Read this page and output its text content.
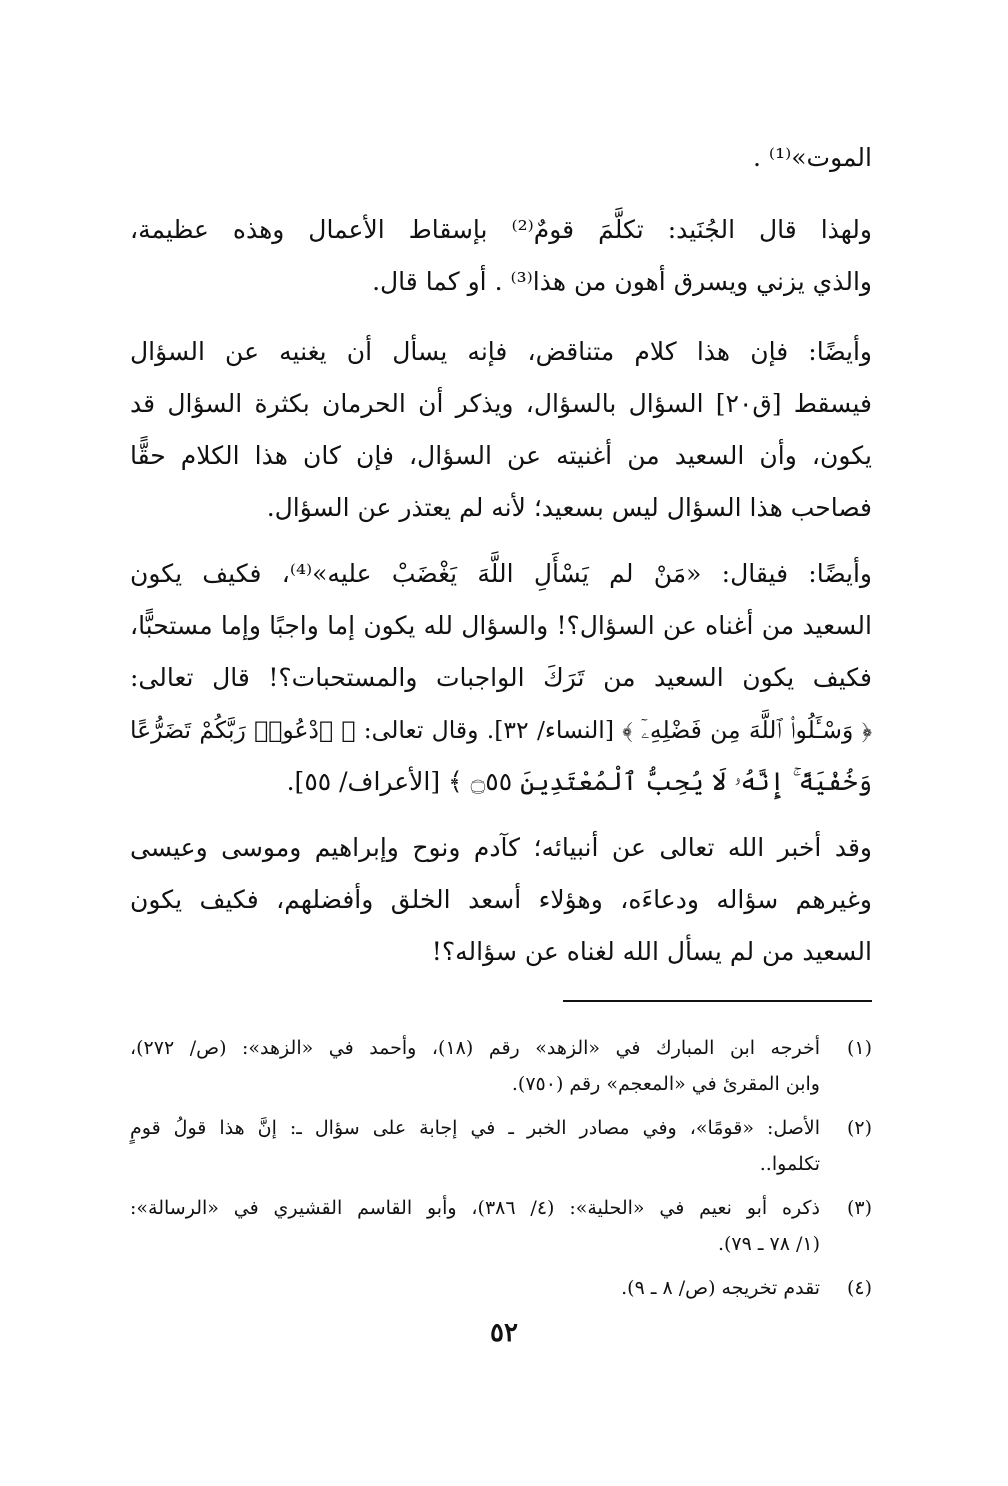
الموت»⁽¹⁾ .
ولهذا قال الجُنَيد: تكلَّمَ قومٌ⁽²⁾ بإسقاط الأعمال وهذه عظيمة،
والذي يزني ويسرق أهون من هذا⁽³⁾ . أو كما قال.
وأيضًا: فإن هذا كلام متناقض، فإنه يسأل أن يغنيه عن السؤال
فيسقط [ق٢٠] السؤال بالسؤال، ويذكر أن الحرمان بكثرة السؤال قد
يكون، وأن السعيد من أغنيته عن السؤال، فإن كان هذا الكلام حقًّا
فصاحب هذا السؤال ليس بسعيد؛ لأنه لم يعتذر عن السؤال.
وأيضًا: فيقال: «مَنْ لم يَسْأَلِ اللَّهَ يَغْضَبْ عليه»⁽⁴⁾، فكيف يكون
السعيد من أغناه عن السؤال؟! والسؤال لله يكون إما واجبًا وإما مستحبًّا،
فكيف يكون السعيد من تَرَكَ الواجبات والمستحبات؟! قال تعالى:
﴿ وَسْـَٔلُوا۟ ٱللَّهَ مِن فَضْلِهِۦٓ ﴾ [النساء/ ٣٢]. وقال تعالى: ﴿ ٱدْعُوا۟ رَبَّكُمْ تَضَرُّعًا
وَخُفْيَةً ۚ إِنَّهُۥ لَا يُحِبُّ ٱلْمُعْتَدِينَ ۝٥٥ ﴾ [الأعراف/ ٥٥].
وقد أخبر الله تعالى عن أنبيائه؛ كآدم ونوح وإبراهيم وموسى وعيسى
وغيرهم سؤاله ودعاءَه، وهؤلاء أسعد الخلق وأفضلهم، فكيف يكون
السعيد من لم يسأل الله لغناه عن سؤاله؟!
(١)
أخرجه ابن المبارك في «الزهد» رقم (١٨)، وأحمد في «الزهد»: (ص/ ٢٧٢)،
وابن المقرئ في «المعجم» رقم (٧٥٠).
(٢)
الأصل: «قومًا»، وفي مصادر الخبر ـ في إجابة على سؤال ـ: إنَّ هذا قولُ قومٍ
تكلموا..
(٣)
ذكره أبو نعيم في «الحلية»: (٤/ ٣٨٦)، وأبو القاسم القشيري في «الرسالة»:
(١/ ٧٨ ـ ٧٩).
(٤)
تقدم تخريجه (ص/ ٨ ـ ٩).
٥٢
